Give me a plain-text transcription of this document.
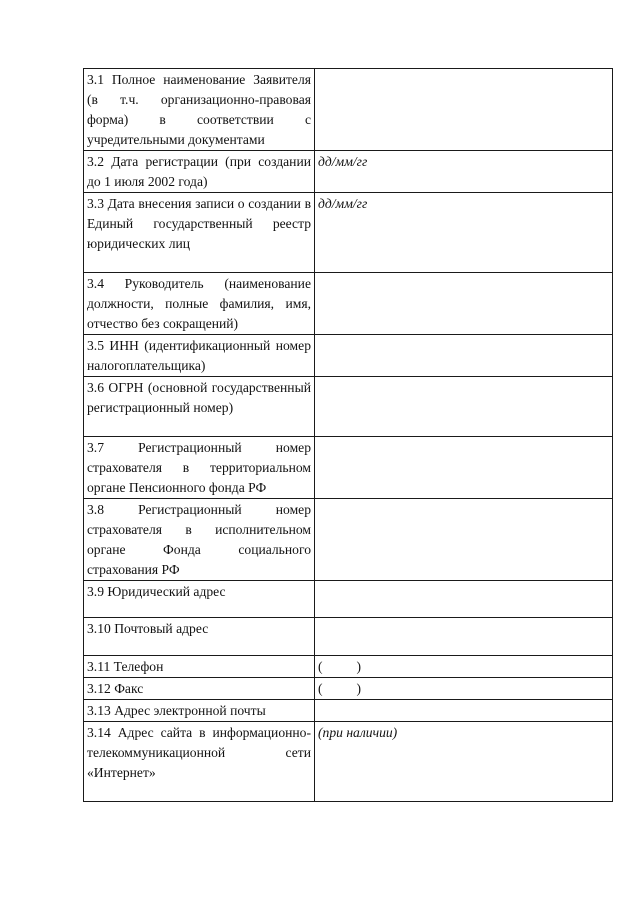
3.1 Полное наименование Заявителя (в т.ч. организационно-правовая форма) в соответствии с учредительными документами	
3.2 Дата регистрации (при создании до 1 июля 2002 года)	дд/мм/гг
3.3 Дата внесения записи о создании в Единый государственный реестр юридических лиц	дд/мм/гг
3.4 Руководитель (наименование должности, полные фамилия, имя, отчество без сокращений)	
3.5 ИНН (идентификационный номер налогоплательщика)	
3.6 ОГРН (основной государственный регистрационный номер)	
3.7 Регистрационный номер страхователя в территориальном органе Пенсионного фонда РФ	
3.8 Регистрационный номер страхователя в исполнительном органе Фонда социального страхования РФ	
3.9 Юридический адрес	
3.10 Почтовый адрес	
3.11 Телефон	(          )
3.12 Факс	(          )
3.13 Адрес электронной почты	
3.14 Адрес сайта в информационно-телекоммуникационной сети «Интернет»	(при наличии)
